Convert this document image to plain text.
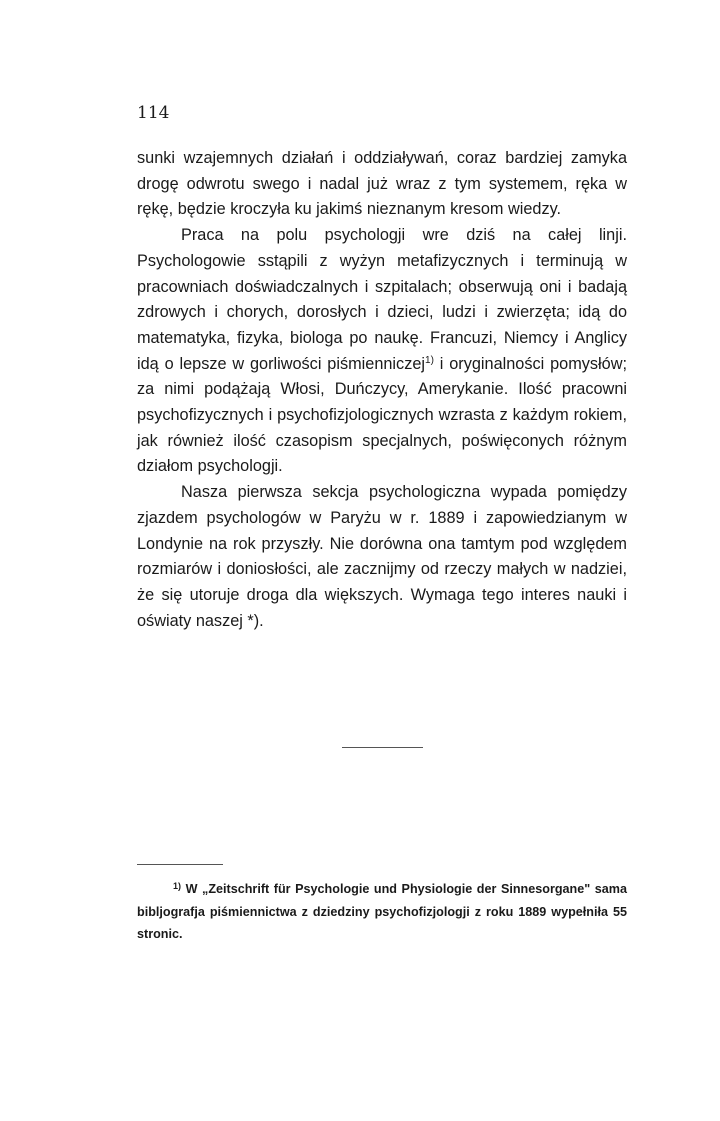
114

sunki wzajemnych działań i oddziaływań, coraz bardziej zamyka drogę odwrotu swego i nadal już wraz z tym systemem, ręka w rękę, będzie kroczyła ku jakimś nieznanym kresom wiedzy.

Praca na polu psychologji wre dziś na całej linji. Psychologowie sstąpili z wyżyn metafizycznych i terminują w pracowniach doświadczalnych i szpitalach; obserwują oni i badają zdrowych i chorych, dorosłych i dzieci, ludzi i zwierzęta; idą do matematyka, fizyka, biologa po naukę. Francuzi, Niemcy i Anglicy idą o lepsze w gorliwości piśmienniczej$^{1)}$ i oryginalności pomysłów; za nimi podążają Włosi, Duńczycy, Amerykanie. Ilość pracowni psychofizycznych i psychofizjologicznych wzrasta z każdym rokiem, jak również ilość czasopism specjalnych, poświęconych różnym działom psychologji.

Nasza pierwsza sekcja psychologiczna wypada pomiędzy zjazdem psychologów w Paryżu w r. 1889 i zapowiedzianym w Londynie na rok przyszły. Nie dorówna ona tamtym pod względem rozmiarów i doniosłości, ale zacznijmy od rzeczy małych w nadziei, że się utoruje droga dla większych. Wymaga tego interes nauki i oświaty naszej *).

$^{1)}$ W „Zeitschrift für Psychologie und Physiologie der Sinnesorgane" sama bibljografja piśmiennictwa z dziedziny psychofizjologji z roku 1889 wypełniła 55 stronic.
